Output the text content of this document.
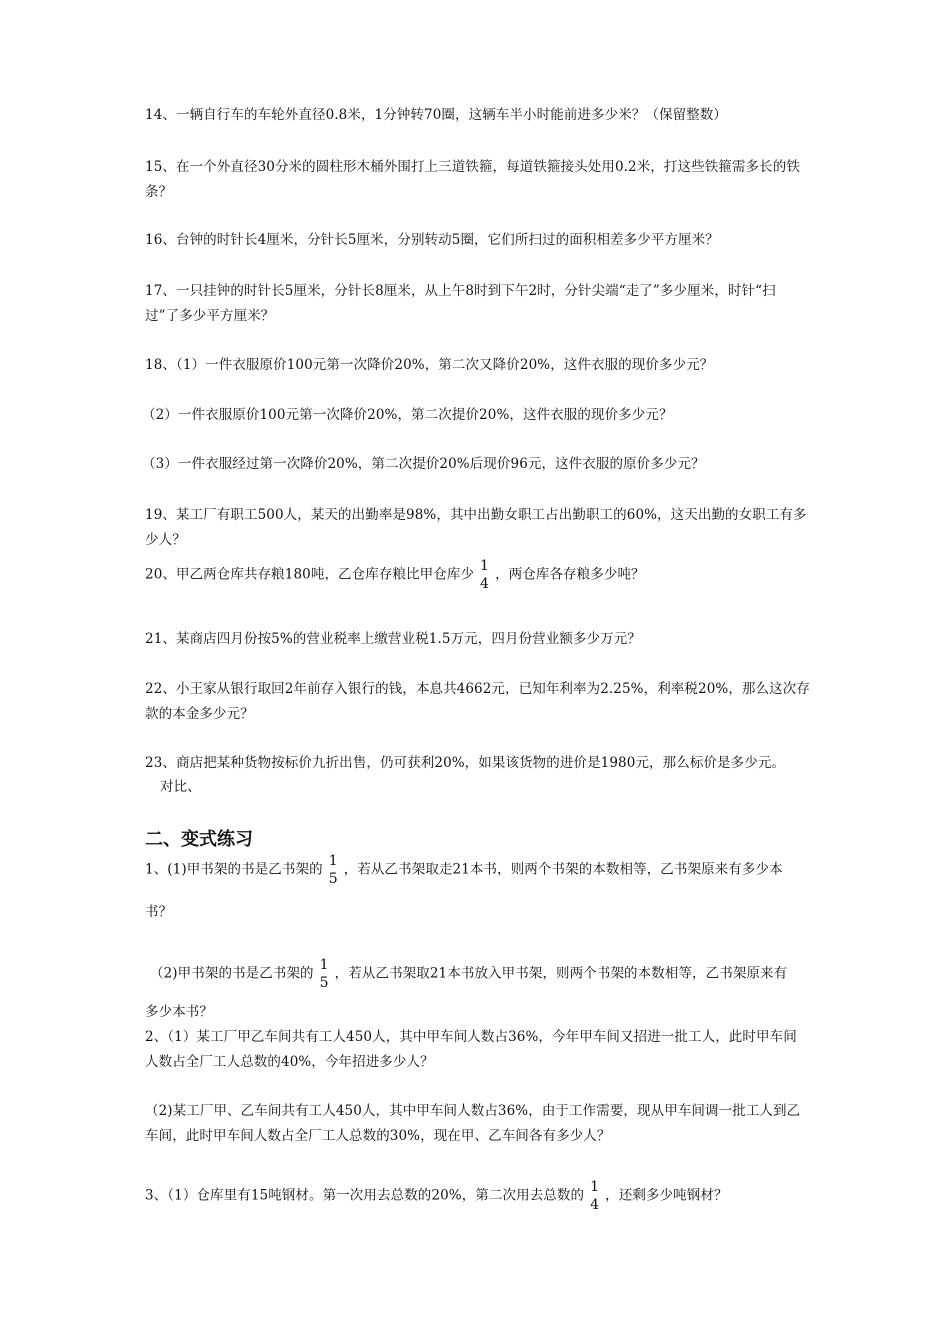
14、一辆自行车的车轮外直径0.8米，1分钟转70圈，这辆车半小时能前进多少米？（保留整数）

15、在一个外直径30分米的圆柱形木桶外围打上三道铁箍，每道铁箍接头处用0.2米，打这些铁箍需多长的铁条？

16、台钟的时针长4厘米，分针长5厘米，分别转动5圈，它们所扫过的面积相差多少平方厘米？

17、一只挂钟的时针长5厘米，分针长8厘米，从上午8时到下午2时，分针尖端“走了”多少厘米，时针“扫　过”了多少平方厘米？

18、（1）一件衣服原价100元第一次降价20%，第二次又降价20%，这件衣服的现价多少元？

（2）一件衣服原价100元第一次降价20%，第二次提价20%，这件衣服的现价多少元？

（3）一件衣服经过第一次降价20%，第二次提价20%后现价96元，这件衣服的原价多少元？

19、某工厂有职工500人，某天的出勤率是98%，其中出勤女职工占出勤职工的60%，这天出勤的女职工有多少人？

20、甲乙两仓库共存粮180吨，乙仓库存粮比甲仓库少
1
4
，两仓库各存粮多少吨？

21、某商店四月份按5%的营业税率上缴营业税1.5万元，四月份营业额多少万元？

22、小王家从银行取回2年前存入银行的钱，本息共4662元，已知年利率为2.25%，利率税20%，那么这次存款的本金多少元？

23、商店把某种货物按标价九折出售，仍可获利20%，如果该货物的进价是1980元，那么标价是多少元。

对比、

二、变式练习

1、(1)甲书架的书是乙书架的
1
5
，若从乙书架取走21本书，则两个书架的本数相等，乙书架原来有多少本

书？

（2)甲书架的书是乙书架的
1
5
，若从乙书架取21本书放入甲书架，则两个书架的本数相等，乙书架原来有

多少本书？

2、（1）某工厂甲乙车间共有工人450人，其中甲车间人数占36%，今年甲车间又招进一批工人，此时甲车间人数占全厂工人总数的40%，今年招进多少人？

（2)某工厂甲、乙车间共有工人450人，其中甲车间人数占36%，由于工作需要，现从甲车间调一批工人到乙车间，此时甲车间人数占全厂工人总数的30%，现在甲、乙车间各有多少人？

3、（1）仓库里有15吨钢材。第一次用去总数的20%，第二次用去总数的
1
4
，还剩多少吨钢材？
